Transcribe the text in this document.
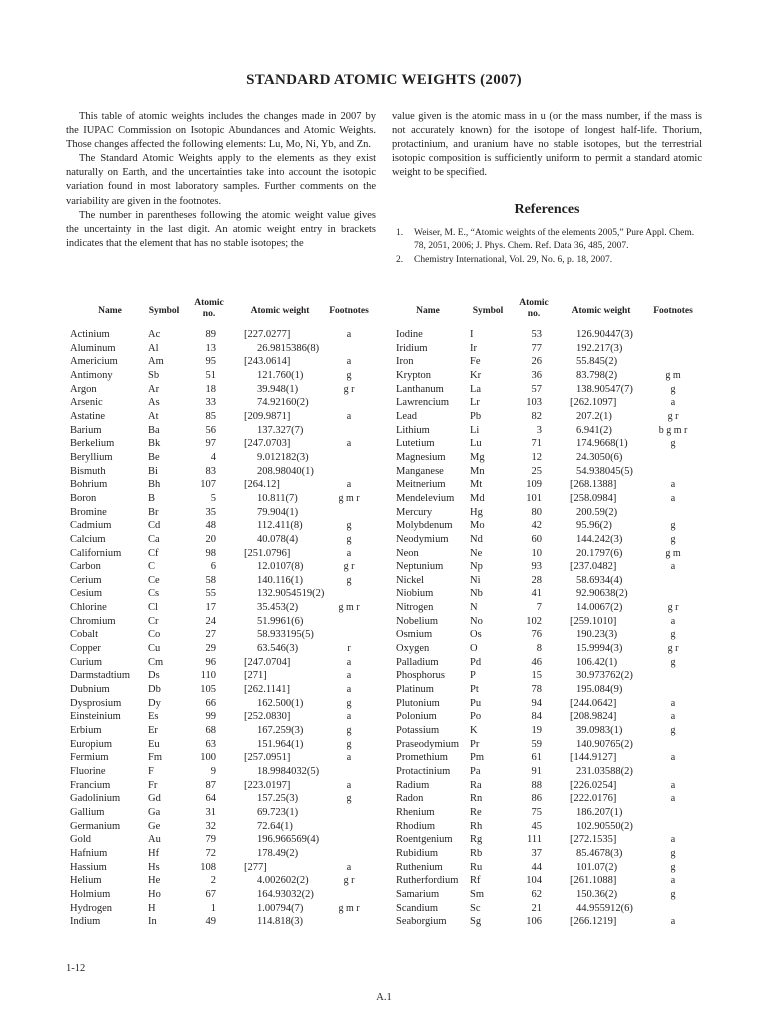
STANDARD ATOMIC WEIGHTS (2007)

This table of atomic weights includes the changes made in 2007 by the IUPAC Commission on Isotopic Abundances and Atomic Weights. Those changes affected the following elements: Lu, Mo, Ni, Yb, and Zn.

The Standard Atomic Weights apply to the elements as they exist naturally on Earth, and the uncertainties take into account the isotopic variation found in most laboratory samples. Further comments on the variability are given in the footnotes.

The number in parentheses following the atomic weight value gives the uncertainty in the last digit. An atomic weight entry in brackets indicates that the element that has no stable isotopes; the

value given is the atomic mass in u (or the mass number, if the mass is not accurately known) for the isotope of longest half-life. Thorium, protactinium, and uranium have no stable isotopes, but the terrestrial isotopic composition is sufficiently uniform to permit a standard atomic weight to be specified.

References
1. Weiser, M. E., “Atomic weights of the elements 2005,” Pure Appl. Chem. 78, 2051, 2006; J. Phys. Chem. Ref. Data 36, 485, 2007.
2. Chemistry International, Vol. 29, No. 6, p. 18, 2007.
Name	Symbol
Atomic no.	Atomic weight	Footnotes
Actinium	Ac	89	[227.0277]	a
Aluminum	Al	13	26.9815386(8)
Americium	Am	95	[243.0614]	a
Antimony	Sb	51	121.760(1)	g
Argon	Ar	18	39.948(1)	g r
Arsenic	As	33	74.92160(2)
Astatine	At	85	[209.9871]	a
Barium	Ba	56	137.327(7)
Berkelium	Bk	97	[247.0703]	a
Beryllium	Be	4	9.012182(3)
Bismuth	Bi	83	208.98040(1)
Bohrium	Bh	107	[264.12]	a
Boron	B	5	10.811(7)	g m r
Bromine	Br	35	79.904(1)
Cadmium	Cd	48	112.411(8)	g
Calcium	Ca	20	40.078(4)	g
Californium	Cf	98	[251.0796]	a
Carbon	C	6	12.0107(8)	g r
Cerium	Ce	58	140.116(1)	g
Cesium	Cs	55	132.9054519(2)
Chlorine	Cl	17	35.453(2)	g m r
Chromium	Cr	24	51.9961(6)
Cobalt	Co	27	58.933195(5)
Copper	Cu	29	63.546(3)	r
Curium	Cm	96	[247.0704]	a
Darmstadtium Ds	110	[271]	a
Dubnium	Db	105	[262.1141]	a
Dysprosium	Dy	66	162.500(1)	g
Einsteinium	Es	99	[252.0830]	a
Erbium	Er	68	167.259(3)	g
Europium	Eu	63	151.964(1)	g
Fermium	Fm	100	[257.0951]	a
Fluorine	F	9	18.9984032(5)
Francium	Fr	87	[223.0197]	a
Gadolinium	Gd	64	157.25(3)	g
Gallium	Ga	31	69.723(1)
Germanium	Ge	32	72.64(1)
Gold	Au	79	196.966569(4)
Hafnium	Hf	72	178.49(2)
Hassium	Hs	108	[277]	a
Helium	He	2	4.002602(2)	g r
Holmium	Ho	67	164.93032(2)
Hydrogen	H	1	1.00794(7)	g m r
Indium	In	49	114.818(3)
Name	Symbol
Atomic no.	Atomic weight	Footnotes
Iodine	I	53	126.90447(3)
Iridium	Ir	77	192.217(3)
Iron	Fe	26	55.845(2)
Krypton	Kr	36	83.798(2)	g m
Lanthanum La	57	138.90547(7)	g
Lawrencium Lr	103	[262.1097]	a
Lead	Pb	82	207.2(1)	g r
Lithium	Li	3	6.941(2)	b g m r
Lutetium	Lu	71	174.9668(1)	g
Magnesium Mg	12	24.3050(6)
Manganese Mn	25	54.938045(5)
Meitnerium Mt	109	[268.1388]	a
Mendelevium Md	101	[258.0984]	a
Mercury	Hg	80	200.59(2)
Molybdenum Mo	42	95.96(2)	g
Neodymium Nd	60	144.242(3)	g
Neon	Ne	10	20.1797(6)	g m
Neptunium	Np	93	[237.0482]	a
Nickel	Ni	28	58.6934(4)
Niobium	Nb	41	92.90638(2)
Nitrogen	N	7	14.0067(2)	g r
Nobelium	No	102	[259.1010]	a
Osmium	Os	76	190.23(3)	g
Oxygen	O	8	15.9994(3)	g r
Palladium	Pd	46	106.42(1)	g
Phosphorus P	15	30.973762(2)
Platinum	Pt	78	195.084(9)
Plutonium	Pu	94	[244.0642]	a
Polonium	Po	84	[208.9824]	a
Potassium	K	19	39.0983(1)	g
Praseodymium Pr	59	140.90765(2)
Promethium Pm	61	[144.9127]	a
Protactinium Pa	91	231.03588(2)
Radium	Ra	88	[226.0254]	a
Radon	Rn	86	[222.0176]	a
Rhenium	Re	75	186.207(1)
Rhodium	Rh	45	102.90550(2)
Roentgenium Rg	111	[272.1535]	a
Rubidium	Rb	37	85.4678(3)	g
Ruthenium	Ru	44	101.07(2)	g
Rutherfordium Rf	104	[261.1088]	a
Samarium	Sm	62	150.36(2)	g
Scandium	Sc	21	44.955912(6)
Seaborgium Sg	106	[266.1219]	a
1-12
A.1
